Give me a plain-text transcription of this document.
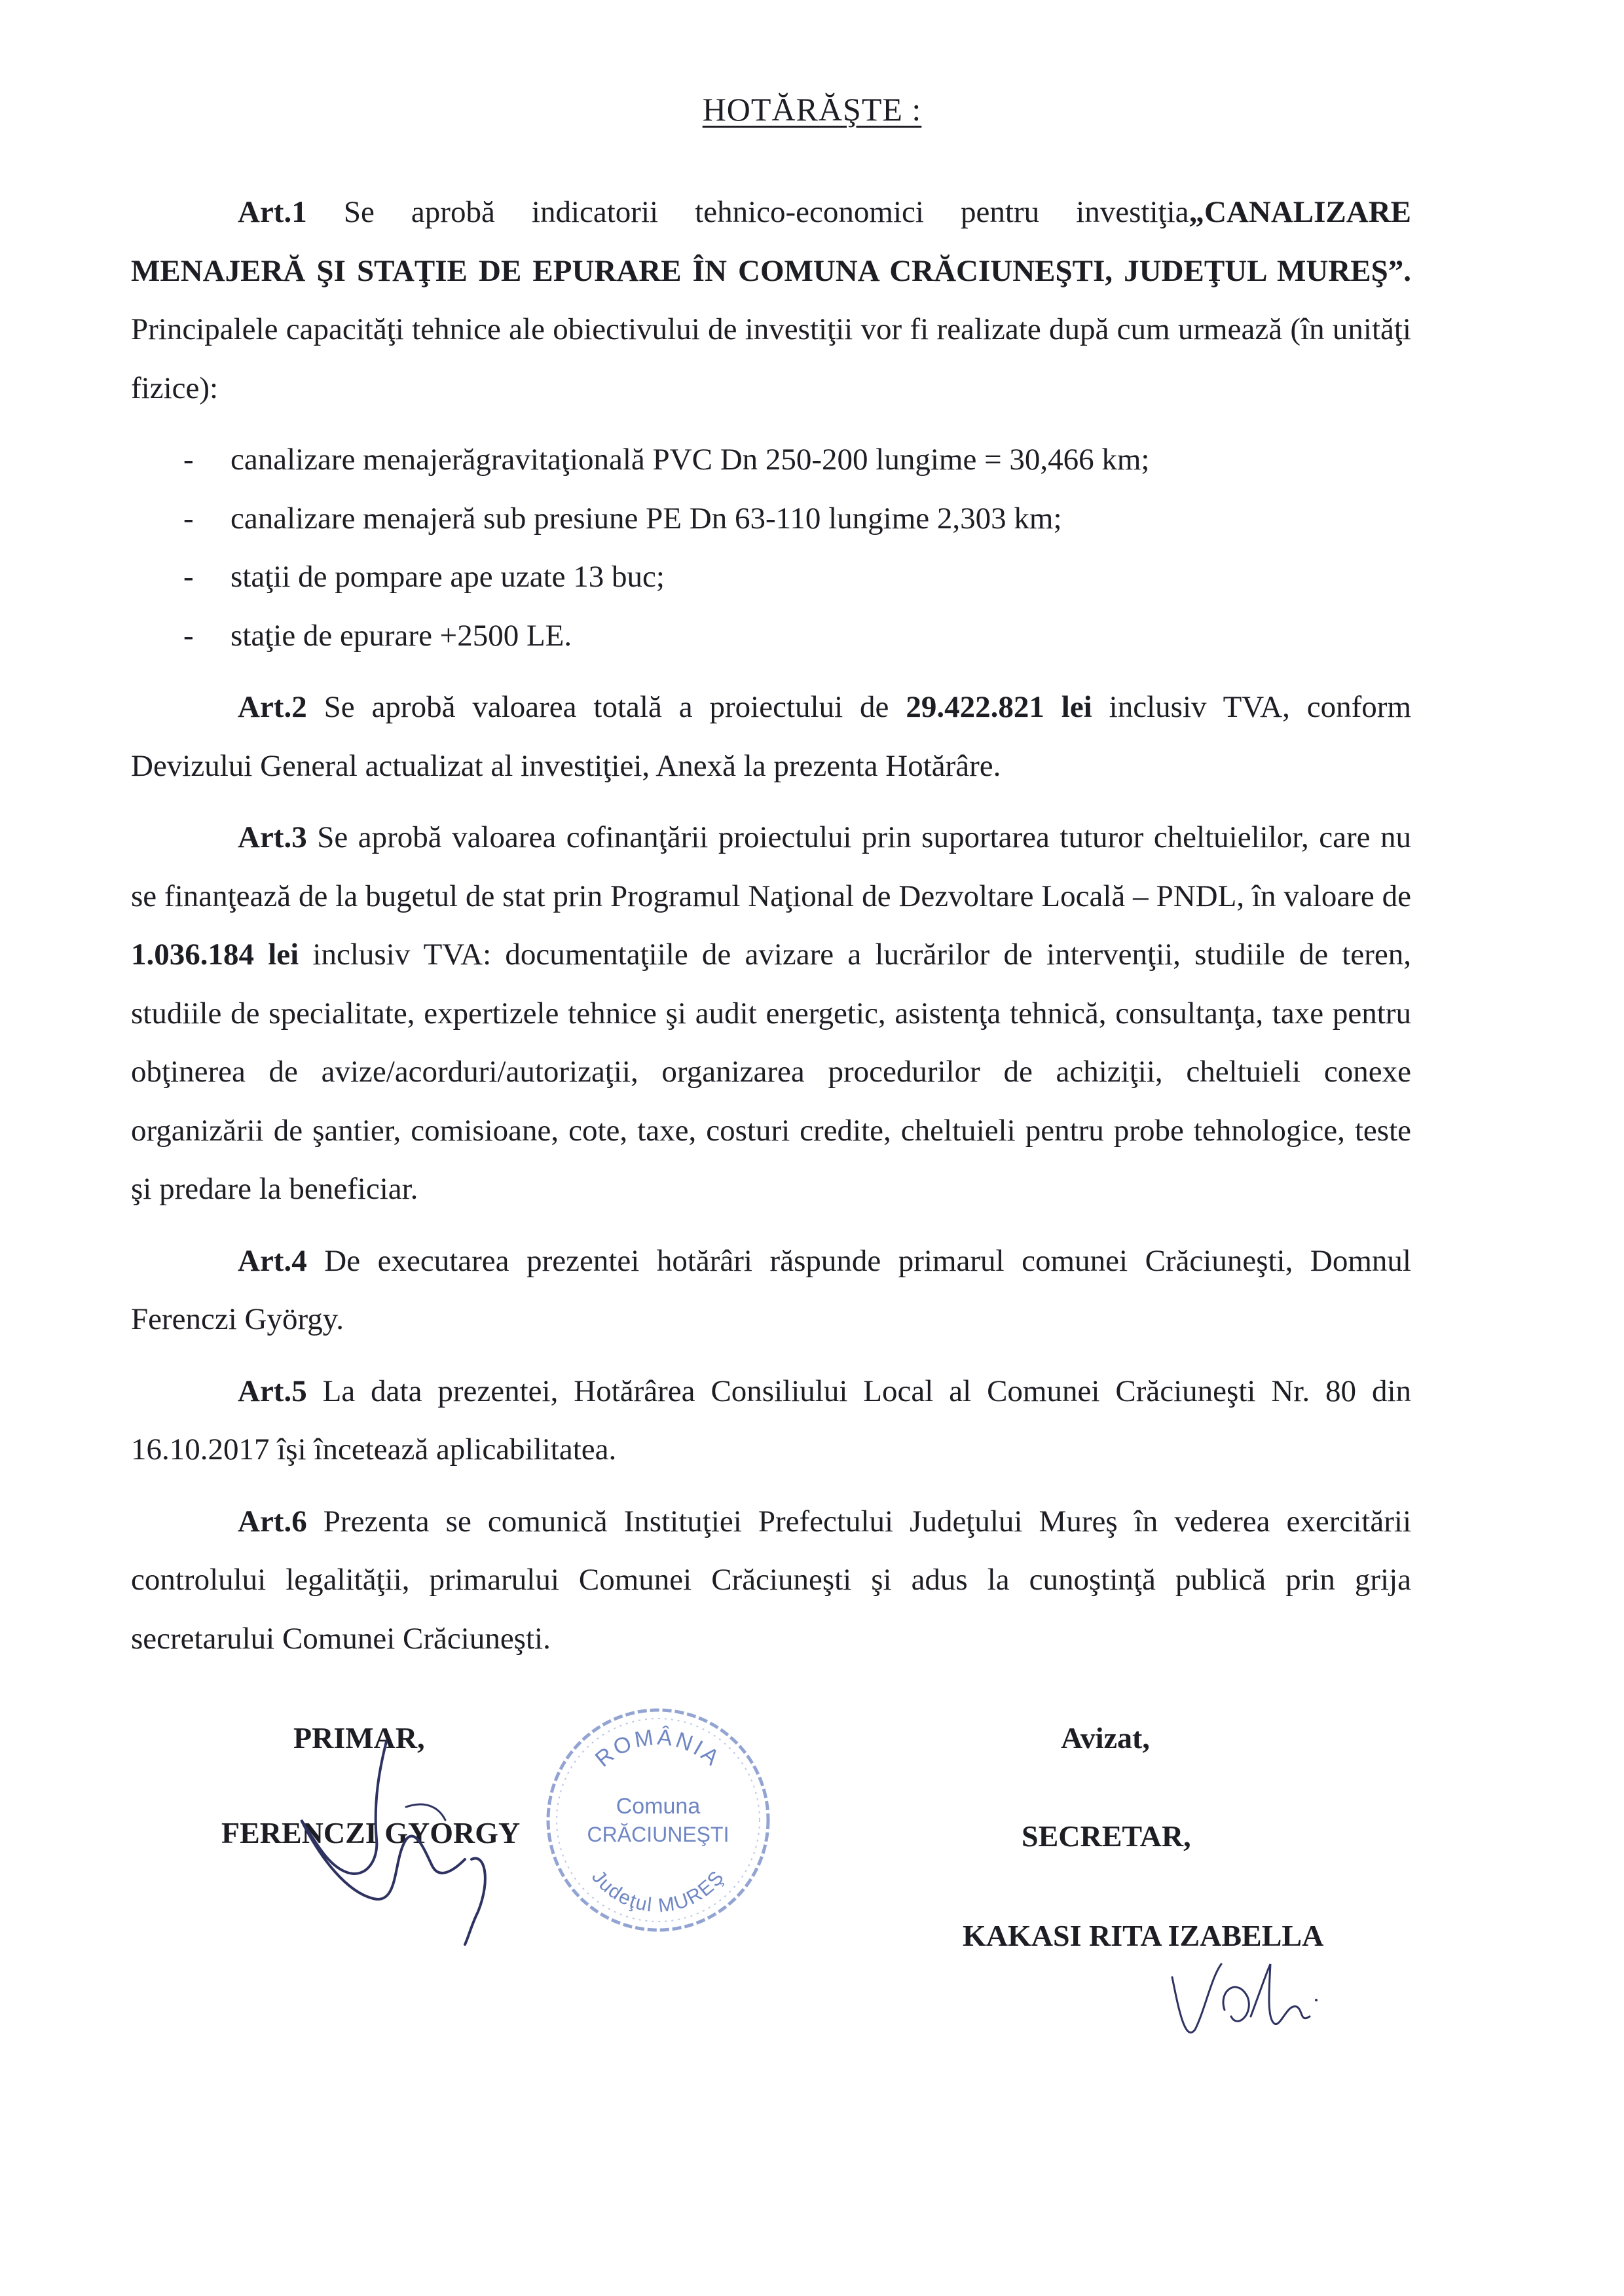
HOTĂRĂŞTE :

Art.1 Se aprobă indicatorii tehnico-economici pentru investiţia„CANALIZARE MENAJERĂ ŞI STAŢIE DE EPURARE ÎN COMUNA CRĂCIUNEŞTI, JUDEŢUL MUREŞ”. Principalele capacităţi tehnice ale obiectivului de investiţii vor fi realizate după cum urmează (în unităţi fizice):

- canalizare menajerăgravitaţională PVC Dn 250-200 lungime = 30,466 km;
- canalizare menajeră sub presiune PE Dn 63-110 lungime 2,303 km;
- staţii de pompare ape uzate 13 buc;
- staţie de epurare +2500 LE.

Art.2 Se aprobă valoarea totală a proiectului de 29.422.821 lei inclusiv TVA, conform Devizului General actualizat al investiţiei, Anexă la prezenta Hotărâre.

Art.3 Se aprobă valoarea cofinanţării proiectului prin suportarea tuturor cheltuielilor, care nu se finanţează de la bugetul de stat prin Programul Naţional de Dezvoltare Locală – PNDL, în valoare de 1.036.184 lei inclusiv TVA: documentaţiile de avizare a lucrărilor de intervenţii, studiile de teren, studiile de specialitate, expertizele tehnice şi audit energetic, asistenţa tehnică, consultanţa, taxe pentru obţinerea de avize/acorduri/autorizaţii, organizarea procedurilor de achiziţii, cheltuieli conexe organizării de şantier, comisioane, cote, taxe, costuri credite, cheltuieli pentru probe tehnologice, teste şi predare la beneficiar.

Art.4 De executarea prezentei hotărâri răspunde primarul comunei Crăciuneşti, Domnul Ferenczi György.

Art.5 La data prezentei, Hotărârea Consiliului Local al Comunei Crăciuneşti Nr. 80 din 16.10.2017 îşi încetează aplicabilitatea.

Art.6 Prezenta se comunică Instituţiei Prefectului Judeţului Mureş în vederea exercitării controlului legalităţii, primarului Comunei Crăciuneşti şi adus la cunoştinţă publică prin grija secretarului Comunei Crăciuneşti.

ROMÂNIA
Comuna
CRĂCIUNEŞTI
Judeţul MUREŞ
PRIMAR,
FERENCZI GYORGY
Avizat,
SECRETAR,
KAKASI RITA IZABELLA
